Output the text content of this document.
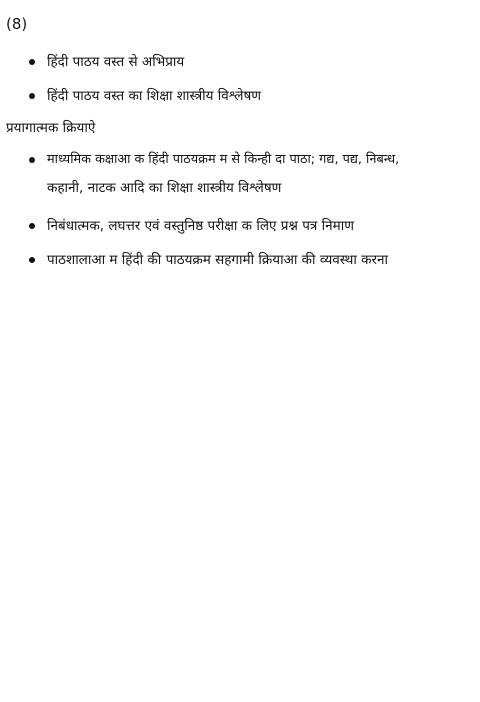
(8)
हिंदी पाठय वस्त से अभिप्राय
हिंदी पाठय वस्त का शिक्षा शास्त्रीय विश्लेषण
प्रयागात्मक क्रियाऐ
माध्यमिक कक्षाआ क हिंदी पाठयक्रम म से किन्ही दा पाठा; गद्य, पद्य, निबन्ध,
कहानी, नाटक आदि का शिक्षा शास्त्रीय विश्लेषण
निबंधात्मक, लघत्तर एवं वस्तुनिष्ठ परीक्षा क लिए प्रश्न पत्र निमाण
पाठशालाआ म हिंदी की पाठयक्रम सहगामी क्रियाआ की व्यवस्था करना
